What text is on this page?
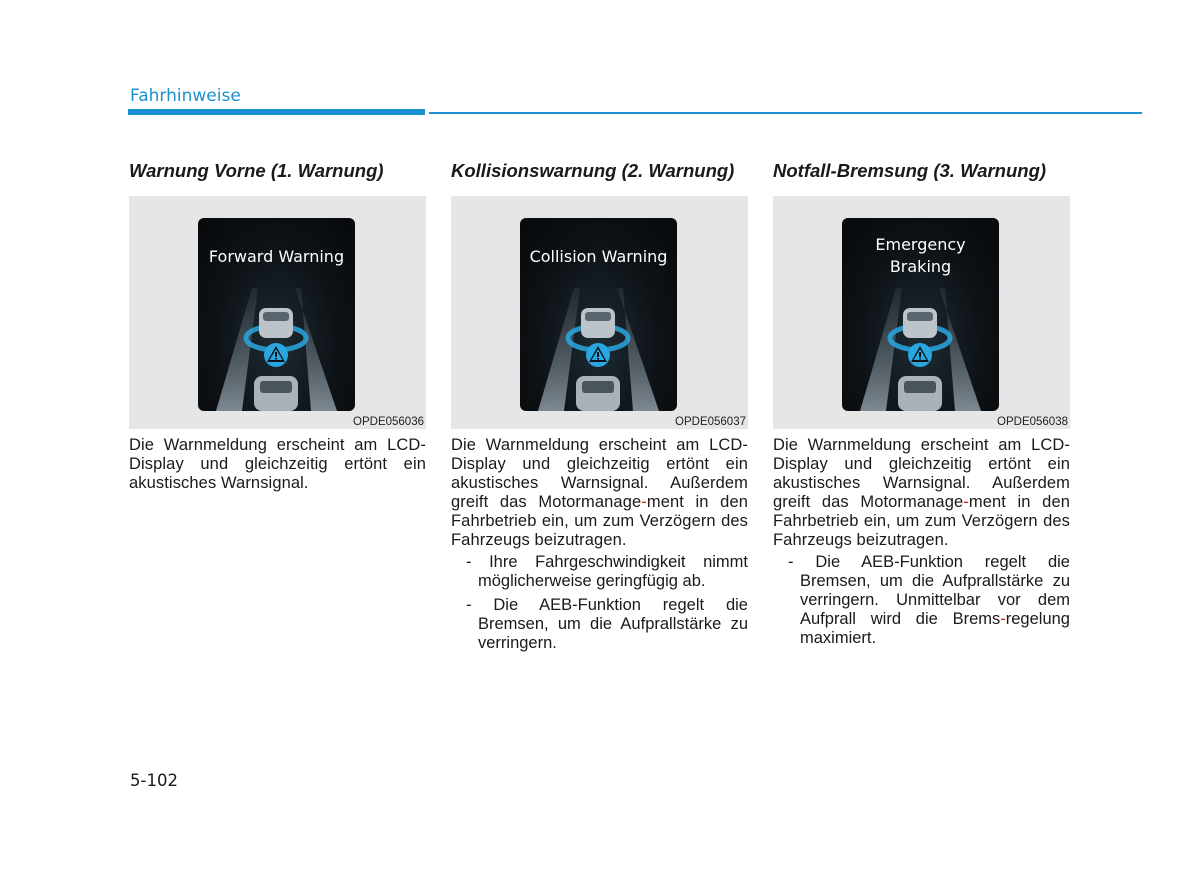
Fahrhinweise
Warnung Vorne (1. Warnung)
Forward Warning
OPDE056036

Die Warnmeldung erscheint am LCD-Display und gleichzeitig ertönt ein akustisches Warnsignal.

Kollisionswarnung (2. Warnung)
Collision Warning
OPDE056037

Die Warnmeldung erscheint am LCD-Display und gleichzeitig ertönt ein akustisches Warnsignal. Außerdem greift das Motormanage-ment in den Fahrbetrieb ein, um zum Verzögern des Fahrzeugs beizutragen.

- Ihre Fahrgeschwindigkeit nimmt möglicherweise geringfügig ab.
- Die AEB-Funktion regelt die Bremsen, um die Aufprallstärke zu verringern.
Notfall-Bremsung (3. Warnung)
Emergency
Braking
OPDE056038

Die Warnmeldung erscheint am LCD-Display und gleichzeitig ertönt ein akustisches Warnsignal. Außerdem greift das Motormanage-ment in den Fahrbetrieb ein, um zum Verzögern des Fahrzeugs beizutragen.

- Die AEB-Funktion regelt die Bremsen, um die Aufprallstärke zu verringern. Unmittelbar vor dem Aufprall wird die Brems-regelung maximiert.
5-102
